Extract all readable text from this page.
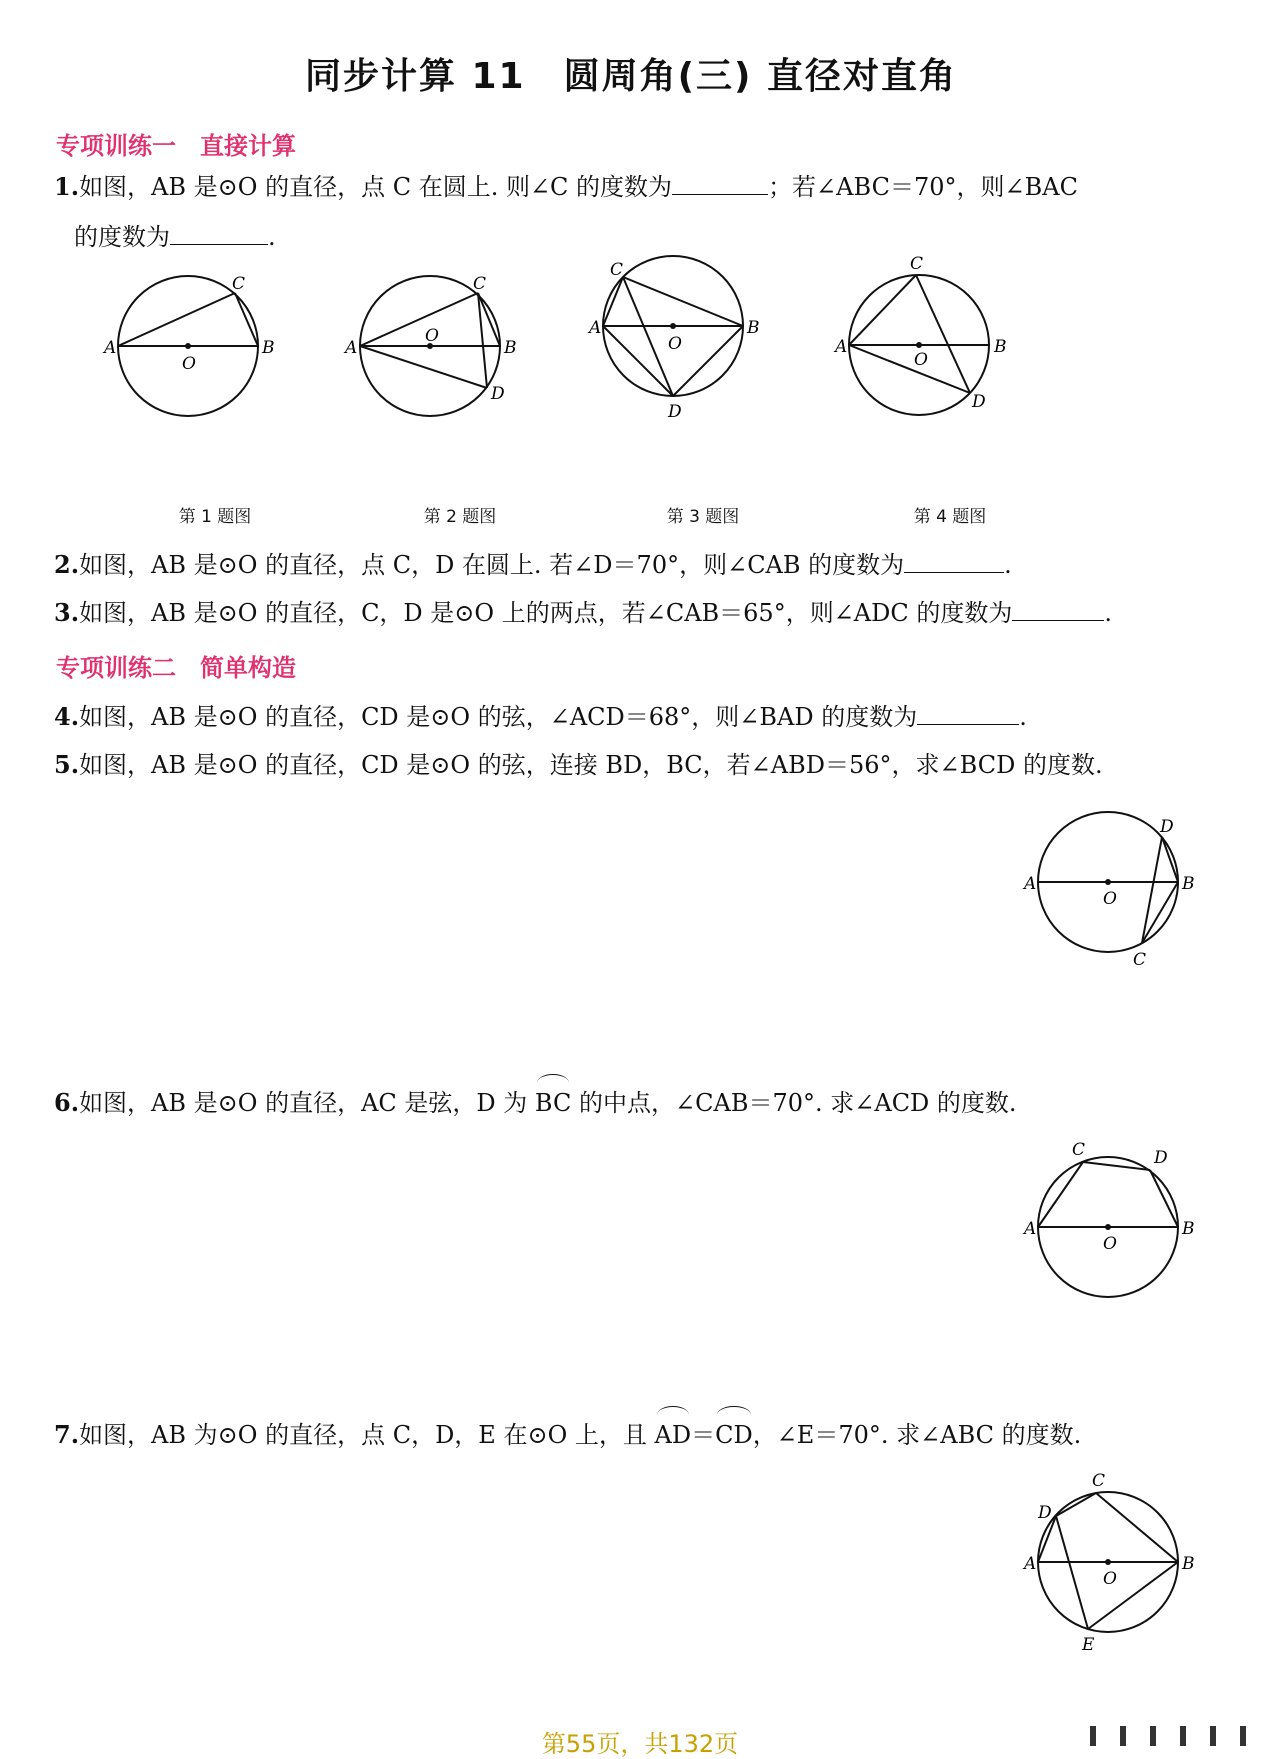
同步计算 11　圆周角(三) 直径对直角

专项训练一　直接计算

1.如图，AB 是⊙O 的直径，点 C 在圆上. 则∠C 的度数为	；若∠ABC＝70°，则∠BAC
的度数为	.

A	B
C
O
A	B
C
D
O	A	B
C
D
O	A	B
C
D
O

第 1 题图	第 2 题图	第 3 题图	第 4 题图

2.如图，AB 是⊙O 的直径，点 C，D 在圆上. 若∠D＝70°，则∠CAB 的度数为	.

3.如图，AB 是⊙O 的直径，C，D 是⊙O 上的两点，若∠CAB＝65°，则∠ADC 的度数为	.

专项训练二　简单构造

4.如图，AB 是⊙O 的直径，CD 是⊙O 的弦，∠ACD＝68°，则∠BAD 的度数为	.

5.如图，AB 是⊙O 的直径，CD 是⊙O 的弦，连接 BD，BC，若∠ABD＝56°，求∠BCD 的度数.

A	B
D
C
O

6.如图，AB 是⊙O 的直径，AC 是弦，D 为 BC 的中点，∠CAB＝70°. 求∠ACD 的度数.

A	B
C	D
O

7.如图，AB 为⊙O 的直径，点 C，D，E 在⊙O 上，且 AD＝CD，∠E＝70°. 求∠ABC 的度数.

A	B
C
D
E
O

第55页，共132页
